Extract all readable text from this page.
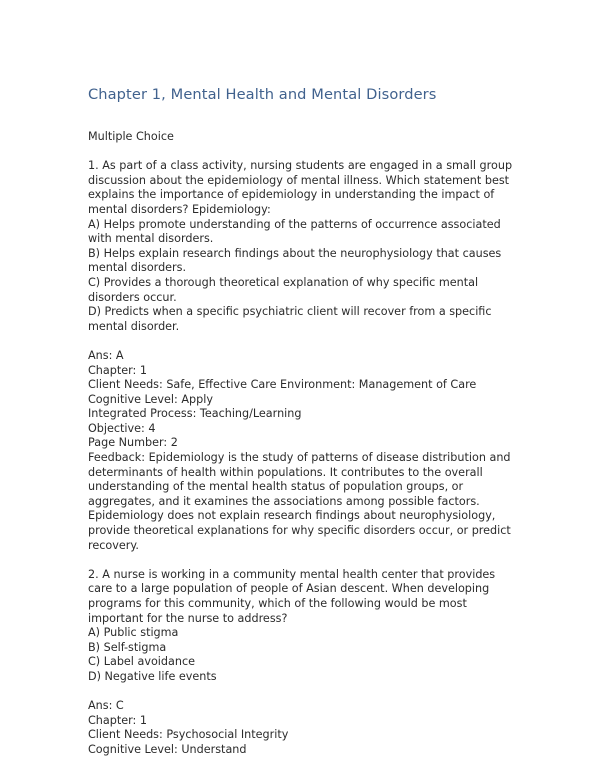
Chapter 1, Mental Health and Mental Disorders

Multiple Choice

1. As part of a class activity, nursing students are engaged in a small group discussion about the epidemiology of mental illness. Which statement best explains the importance of epidemiology in understanding the impact of mental disorders? Epidemiology:

A) Helps promote understanding of the patterns of occurrence associated with mental disorders.

B) Helps explain research findings about the neurophysiology that causes mental disorders.

C) Provides a thorough theoretical explanation of why specific mental disorders occur.

D) Predicts when a specific psychiatric client will recover from a specific mental disorder.

Ans: A

Chapter: 1

Client Needs: Safe, Effective Care Environment: Management of Care

Cognitive Level: Apply

Integrated Process: Teaching/Learning

Objective: 4

Page Number: 2

Feedback: Epidemiology is the study of patterns of disease distribution and determinants of health within populations. It contributes to the overall understanding of the mental health status of population groups, or aggregates, and it examines the associations among possible factors. Epidemiology does not explain research findings about neurophysiology, provide theoretical explanations for why specific disorders occur, or predict recovery.

2. A nurse is working in a community mental health center that provides care to a large population of people of Asian descent. When developing programs for this community, which of the following would be most important for the nurse to address?

A) Public stigma

B) Self-stigma

C) Label avoidance

D) Negative life events

Ans: C

Chapter: 1

Client Needs: Psychosocial Integrity

Cognitive Level: Understand
